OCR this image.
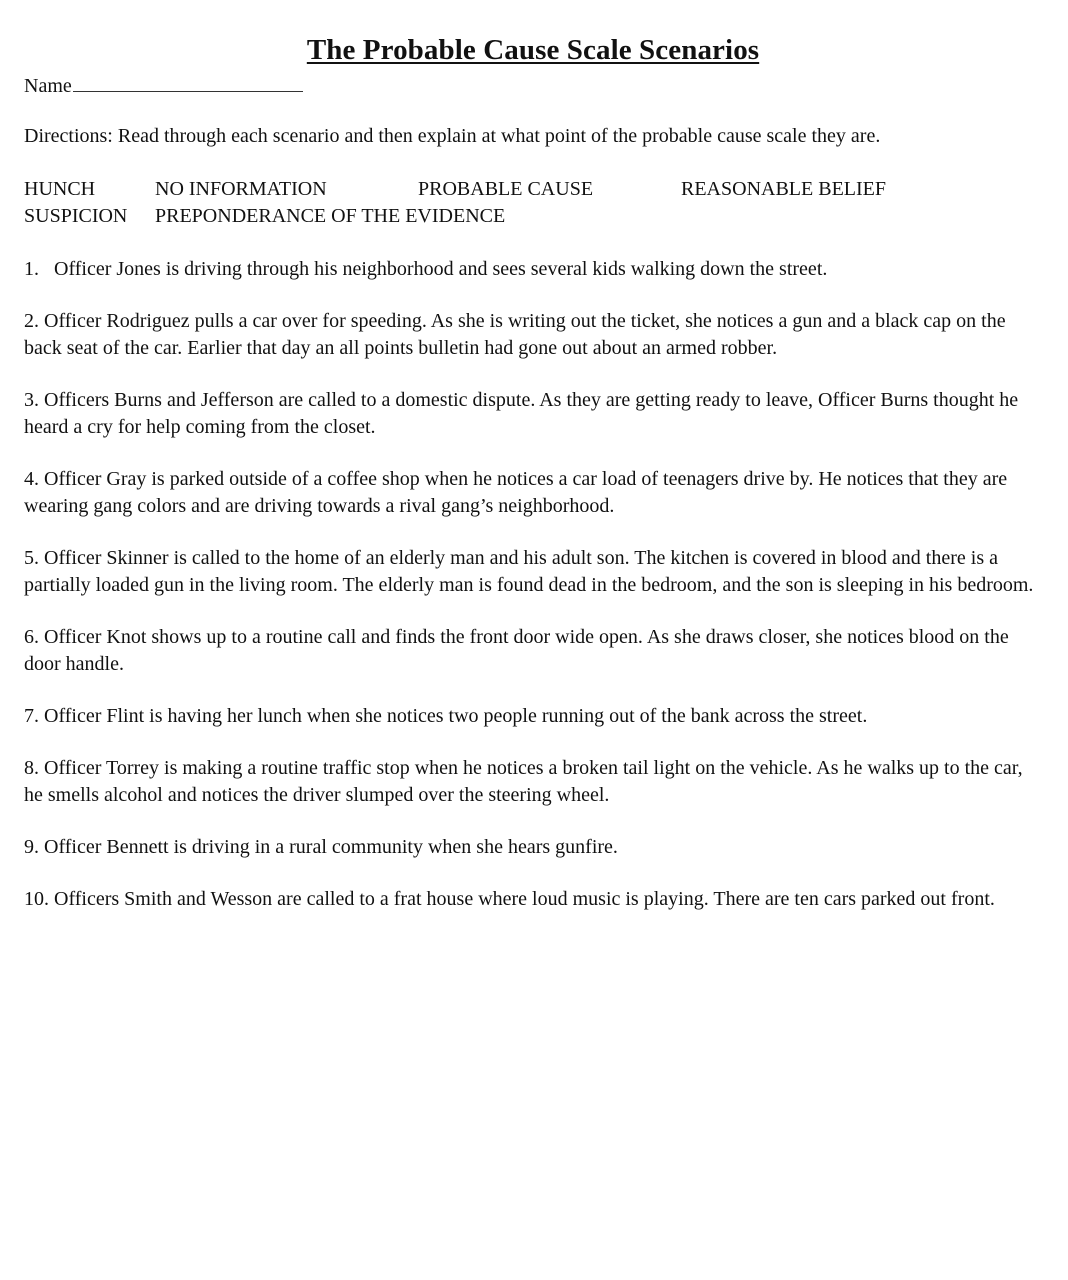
The Probable Cause Scale Scenarios
Name
Directions: Read through each scenario and then explain at what point of the probable cause scale they are.
HUNCH	NO INFORMATION	PROBABLE CAUSE	REASONABLE BELIEF
SUSPICION PREPONDERANCE OF THE EVIDENCE
1.   Officer Jones is driving through his neighborhood and sees several kids walking down the street.
2. Officer Rodriguez pulls a car over for speeding. As she is writing out the ticket, she notices a gun and a black cap on the back seat of the car. Earlier that day an all points bulletin had gone out about an armed robber.
3. Officers Burns and Jefferson are called to a domestic dispute. As they are getting ready to leave, Officer Burns thought he heard a cry for help coming from the closet.
4. Officer Gray is parked outside of a coffee shop when he notices a car load of teenagers drive by. He notices that they are wearing gang colors and are driving towards a rival gang’s neighborhood.
5. Officer Skinner is called to the home of an elderly man and his adult son. The kitchen is covered in blood and there is a partially loaded gun in the living room. The elderly man is found dead in the bedroom, and the son is sleeping in his bedroom.
6. Officer Knot shows up to a routine call and finds the front door wide open. As she draws closer, she notices blood on the door handle.
7. Officer Flint is having her lunch when she notices two people running out of the bank across the street.
8. Officer Torrey is making a routine traffic stop when he notices a broken tail light on the vehicle. As he walks up to the car, he smells alcohol and notices the driver slumped over the steering wheel.
9. Officer Bennett is driving in a rural community when she hears gunfire.
10. Officers Smith and Wesson are called to a frat house where loud music is playing. There are ten cars parked out front.
